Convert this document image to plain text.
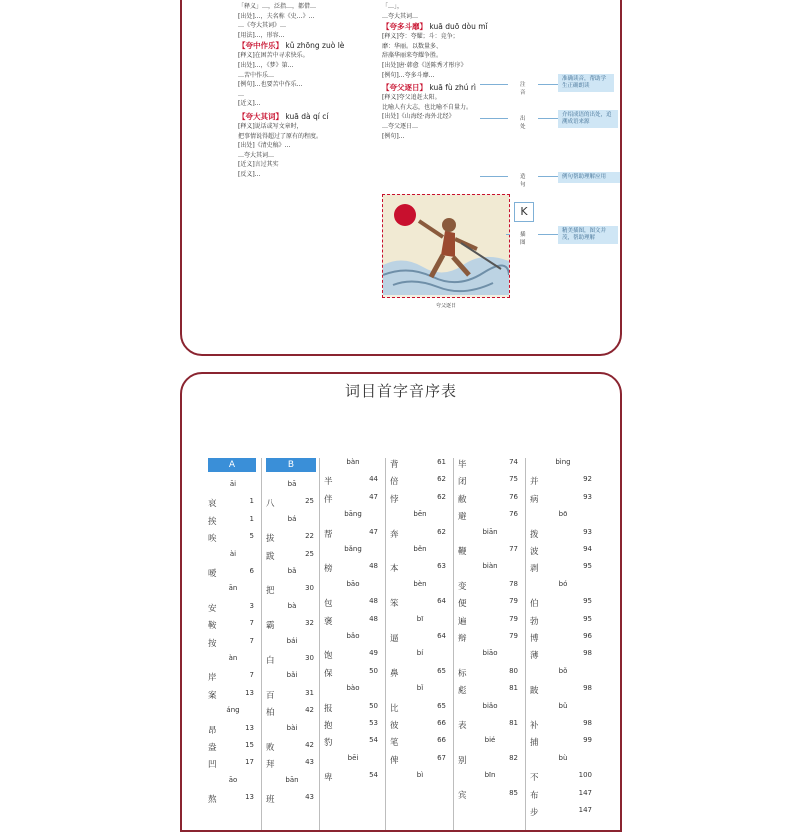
「释义」…，泛指…，都借…

[出处]…，夫名称《史…》…

…《夸大其词》…

[用法]…，形容…

【夸中作乐】 kǔ zhōng zuò lè

[释义]在困苦中寻求快乐。

[出处]…，《梦》第…

…苦中作乐…

[例句]…也要苦中作乐…

…

[近义]…

【夸大其词】 kuā dà qí cí

[释义]说话或写文章时，

把事情说得超过了原有的程度。

[出处]《清史稿》…

…夸大其词…

[近义]言过其实

[反义]…

「…」，

…夸大其词…

【夸多斗靡】 kuā duō dòu mǐ

[释义]夸：夸耀；斗：竞争；

靡：华丽。以数量多、

辞藻华丽来夸耀争胜。

[出处]唐·韩愈《送陈秀才彤序》

[例句]…夸多斗靡…

【夸父逐日】 kuā fù zhú rì

[释义]夸父追赶太阳。

比喻人有大志，也比喻不自量力。

[出处]《山海经·海外北经》

…夸父逐日…

[例句]…

夸父逐日
K
注音
准确读音，帮助学生正确朗读
出处
介绍成语的出处，追溯成语来源
造句
例句帮助理解应用
插图
精美插图，图文并茂，帮助理解
词目首字音序表
A
āi
哀	1
挨	1
唉	5
ài
嗳	6
ān
安	3
鞍	7
按	7
àn
岸	7
案	13
áng
昂	13
盎	15
凹	17
āo
熬	13
B
bā
八	25
bá
拔	22
跋	25
bǎ
把	30
bà
霸	32
bái
白	30
bǎi
百	31
柏	42
bài
败	42
拜	43
bān
班	43
bàn
半	44
伴	47
bāng
帮	47
bǎng
榜	48
bāo
包	48
褒	48
bǎo
饱	49
保	50
bào
报	50
抱	53
豹	54
bēi
卑	54
背	61
倍	62
悖	62
bēn
奔	62
běn
本	63
bèn
笨	64
bī
逼	64
bí
鼻	65
bǐ
比	65
彼	66
笔	66
俾	67
bì
毕	74
闭	75
敝	76
避	76
biān
鞭	77
biàn
变	78
便	79
遍	79
辩	79
biāo
标	80
彪	81
biǎo
表	81
bié
别	82
bīn
宾	85
bìng
并	92
病	93
bō
拨	93
波	94
剥	95
bó
伯	95
勃	95
博	96
薄	98
bǒ
跛	98
bǔ
补	98
捕	99
bù
不	100
布	147
步	147
